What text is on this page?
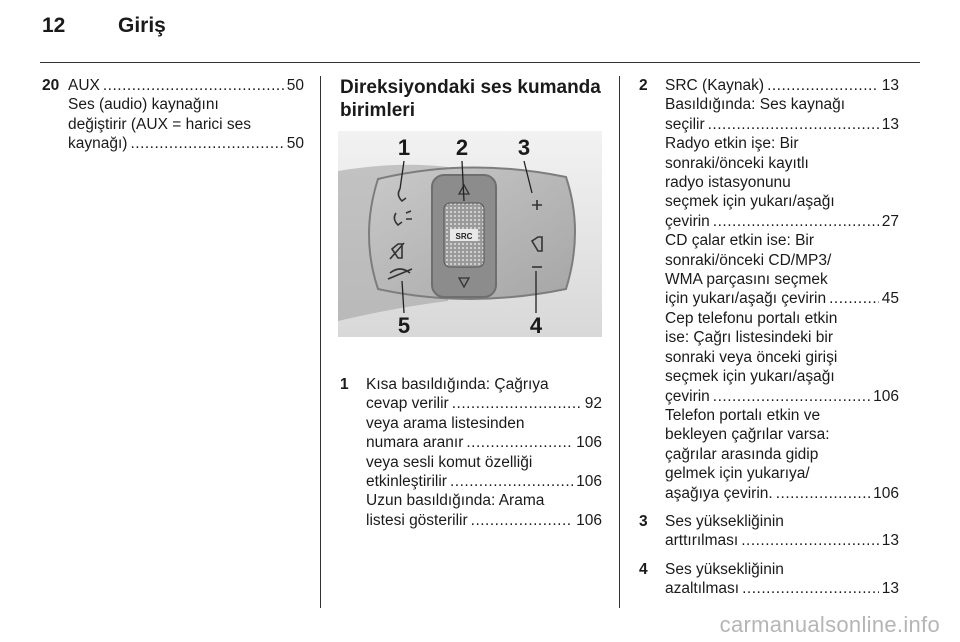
12	Giriş
20 AUX .....	50
Ses (audio) kaynağını
değiştirir (AUX = harici ses
kaynağı) .....	50
Direksiyondaki ses kumanda
birimleri
1 Kısa basıldığında: Çağrıya
cevap verilir .....	92
veya arama listesinden
numara aranır .....	106
veya sesli komut özelliği
etkinleştirilir .....	106
Uzun basıldığında: Arama
listesi gösterilir .....	106
SRC
1 2 3
4
5
2 SRC (Kaynak) .....	13
Basıldığında: Ses kaynağı
seçilir .....	13
Radyo etkin işe: Bir
sonraki/önceki kayıtlı
radyo istasyonunu
seçmek için yukarı/aşağı
çevirin .....	27
CD çalar etkin ise: Bir
sonraki/önceki CD/MP3/
WMA parçasını seçmek
için yukarı/aşağı çevirin .....	45
Cep telefonu portalı etkin
ise: Çağrı listesindeki bir
sonraki veya önceki girişi
seçmek için yukarı/aşağı
çevirin .....	106
Telefon portalı etkin ve
bekleyen çağrılar varsa:
çağrılar arasında gidip
gelmek için yukarıya/
aşağıya çevirin. .....	106
3 Ses yüksekliğinin
arttırılması .....	13
4 Ses yüksekliğinin
azaltılması .....	13
carmanualsonline.info
